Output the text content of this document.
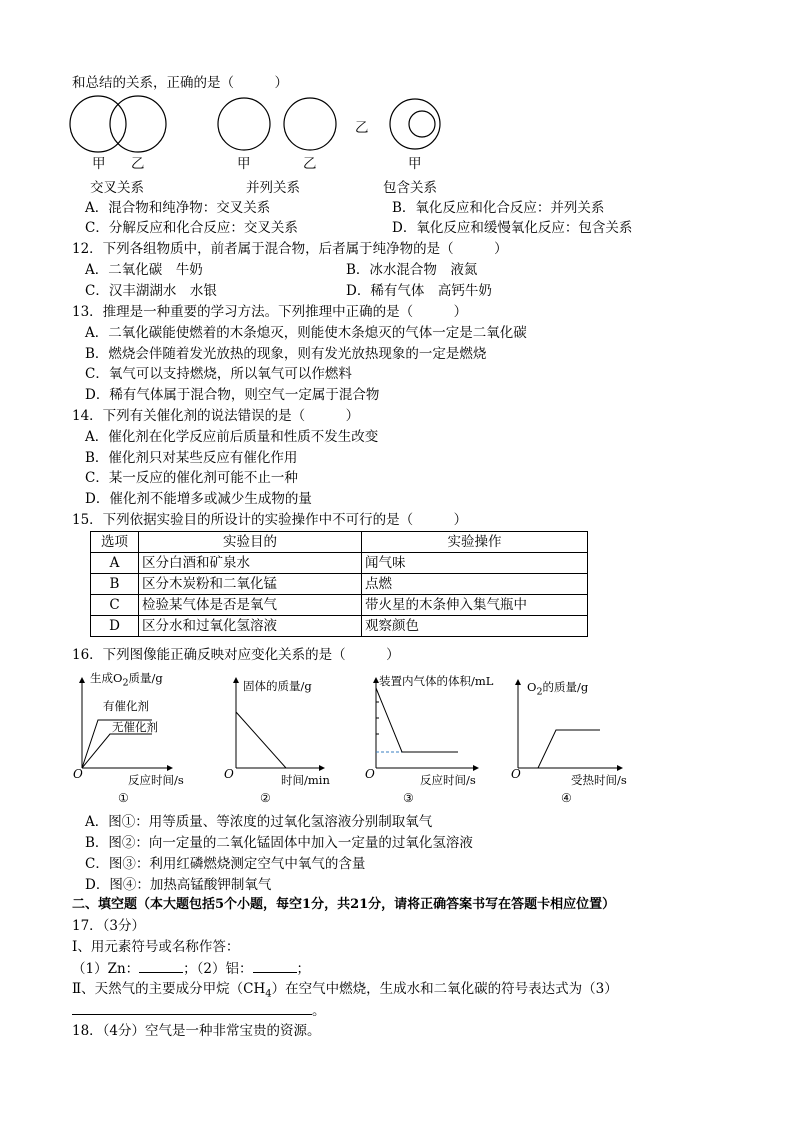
和总结的关系，正确的是（　　　）
乙
甲 乙	甲	乙	甲
交叉关系	并列关系	包含关系
A．混合物和纯净物：交叉关系	B．氧化反应和化合反应：并列关系
C．分解反应和化合反应：交叉关系	D．氧化反应和缓慢氧化反应：包含关系
12．下列各组物质中，前者属于混合物，后者属于纯净物的是（　　　）
A．二氧化碳　牛奶	B．冰水混合物　液氮
C．汉丰湖湖水　水银	D．稀有气体　高钙牛奶
13．推理是一种重要的学习方法。下列推理中正确的是（　　　）
A．二氧化碳能使燃着的木条熄灭，则能使木条熄灭的气体一定是二氧化碳
B．燃烧会伴随着发光放热的现象，则有发光放热现象的一定是燃烧
C．氧气可以支持燃烧，所以氧气可以作燃料
D．稀有气体属于混合物，则空气一定属于混合物
14．下列有关催化剂的说法错误的是（　　　）
A．催化剂在化学反应前后质量和性质不发生改变
B．催化剂只对某些反应有催化作用
C．某一反应的催化剂可能不止一种
D．催化剂不能增多或减少生成物的量
15．下列依据实验目的所设计的实验操作中不可行的是（　　　）
选项	实验目的	实验操作
A	区分白酒和矿泉水	闻气味
B	区分木炭粉和二氧化锰	点燃
C	检验某气体是否是氧气	带火星的木条伸入集气瓶中
D	区分水和过氧化氢溶液	观察颜色
16．下列图像能正确反映对应变化关系的是（　　　）
生成$O_2$质量/g
有催化剂
无催化剂
O	反应时间/s
①
固体的质量/g
O	时间/min
②
装置内气体的体积/mL
O	反应时间/s
③
$O_2$的质量/g
O	受热时间/s
④
A．图①：用等质量、等浓度的过氧化氢溶液分别制取氧气
B．图②：向一定量的二氧化锰固体中加入一定量的过氧化氢溶液
C．图③：利用红磷燃烧测定空气中氧气的含量
D．图④：加热高锰酸钾制氧气
二、填空题（本大题包括5个小题，每空1分，共21分，请将正确答案书写在答题卡相应位置）
17．（3分）
Ⅰ、用元素符号或名称作答：
（1）Zn：	；（2）铝：	；
Ⅱ、天然气的主要成分甲烷$(CH_4)$在空气中燃烧，生成水和二氧化碳的符号表达式为（3）
。
18．（4分）空气是一种非常宝贵的资源。
